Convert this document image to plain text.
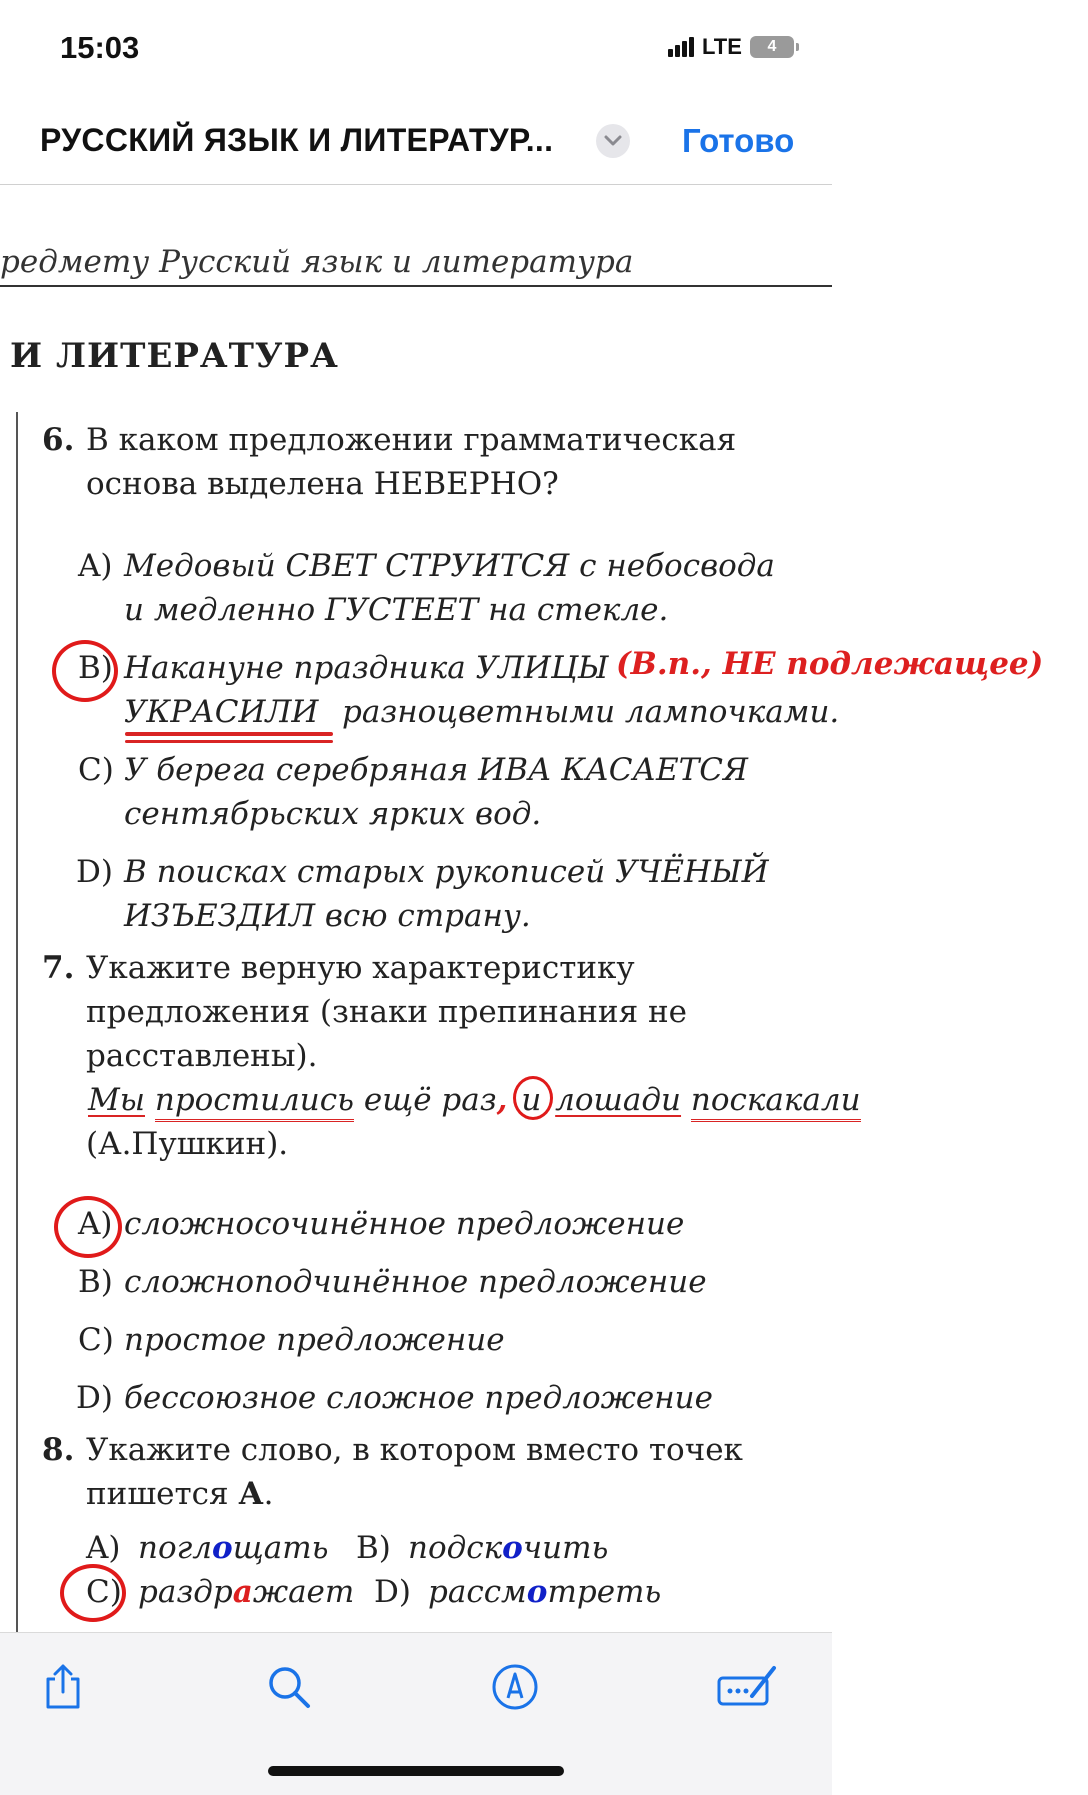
15:03	LTE	4
РУССКИЙ ЯЗЫК И ЛИТЕРАТУР...	Готово
редмету Русский язык и литература
И ЛИТЕРАТУРА
6. В каком предложении грамматическая
основа выделена НЕВЕРНО?
A) Медовый СВЕТ СТРУИТСЯ с небосвода
и медленно ГУСТЕЕТ на стекле.
B) Накануне праздника УЛИЦЫ (В.п., НЕ подлежащее)
УКРАСИЛИ разноцветными лампочками.
C) У берега серебряная ИВА КАСАЕТСЯ
сентябрьских ярких вод.
D) В поисках старых рукописей УЧЁНЫЙ
ИЗЪЕЗДИЛ всю страну.
7. Укажите верную характеристику
предложения (знаки препинания не
расставлены).
Мы простились ещё раз, и лошади поскакали
(А.Пушкин).
A) сложносочинённое предложение
B) сложноподчинённое предложение
C) простое предложение
D) бессоюзное сложное предложение
8. Укажите слово, в котором вместо точек
пишется А.
A) поглощать B) подскочить
C) раздражает D) рассмотреть
